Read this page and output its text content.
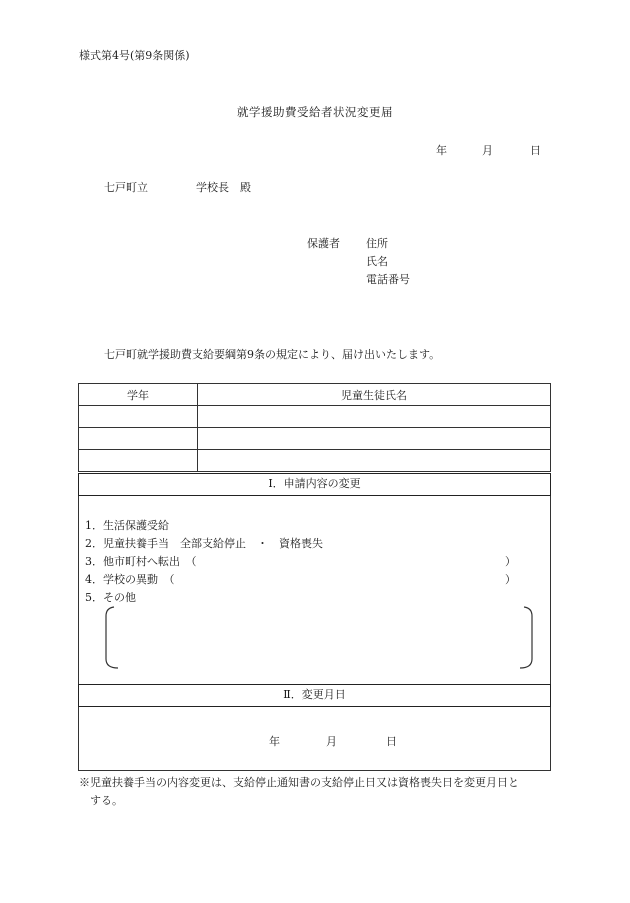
様式第4号(第9条関係)
就学援助費受給者状況変更届
年	月	日
七戸町立	学校長　殿
保護者 住所
氏名
電話番号
七戸町就学援助費支給要綱第9条の規定により、届け出いたします。
学年	児童生徒氏名

Ⅰ．申請内容の変更
1．生活保護受給
2．児童扶養手当　全部支給停止　・　資格喪失
3．他市町村へ転出　（	）
4．学校の異動　（	）
5．その他
Ⅱ．変更月日
年	月	日
※児童扶養手当の内容変更は、支給停止通知書の支給停止日又は資格喪失日を変更月日と
する。
